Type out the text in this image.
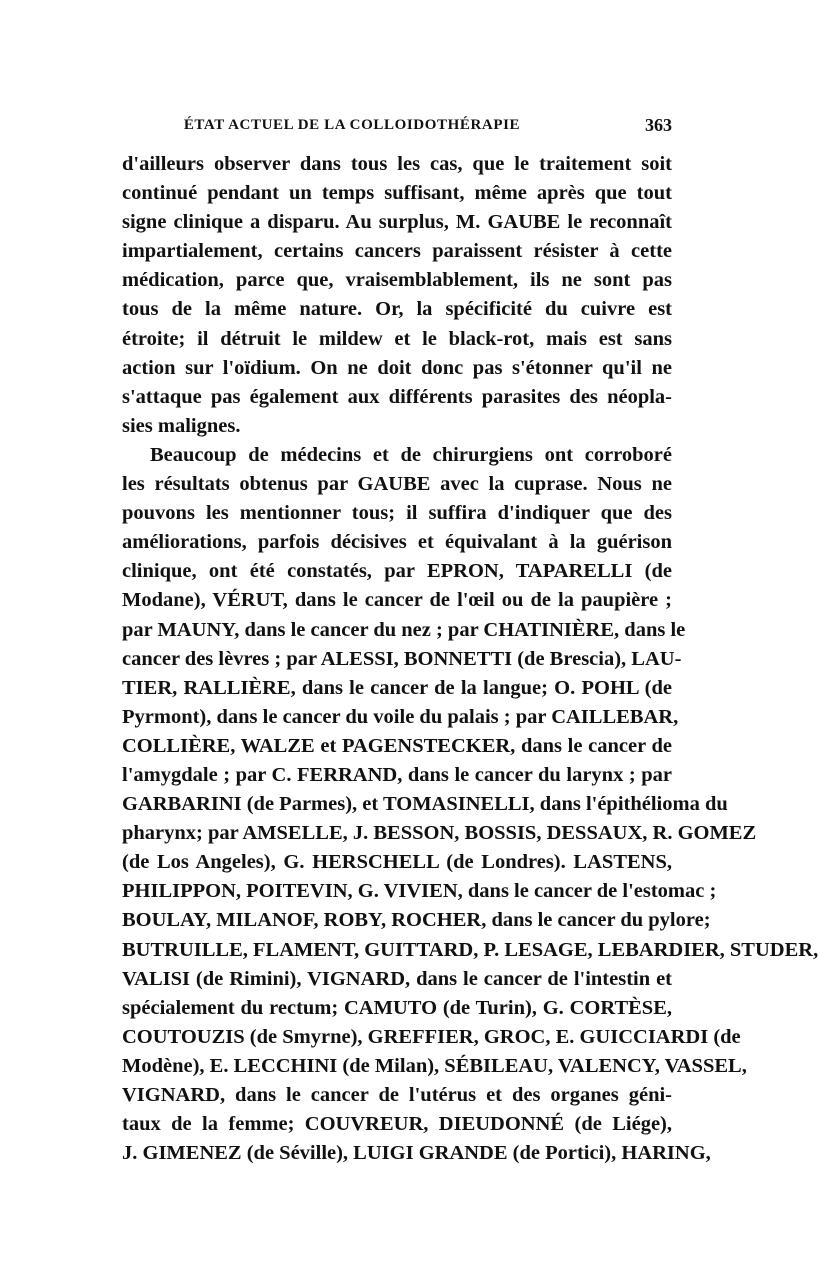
ÉTAT ACTUEL DE LA COLLOIDOTHÉRAPIE	363
d'ailleurs observer dans tous les cas, que le traitement soit
continué pendant un temps suffisant, même après que tout
signe clinique a disparu. Au surplus, M. GAUBE le reconnaît
impartialement, certains cancers paraissent résister à cette
médication, parce que, vraisemblablement, ils ne sont pas
tous de la même nature. Or, la spécificité du cuivre est
étroite; il détruit le mildew et le black-rot, mais est sans
action sur l'oïdium. On ne doit donc pas s'étonner qu'il ne
s'attaque pas également aux différents parasites des néopla-
sies malignes.
Beaucoup de médecins et de chirurgiens ont corroboré
les résultats obtenus par GAUBE avec la cuprase. Nous ne
pouvons les mentionner tous; il suffira d'indiquer que des
améliorations, parfois décisives et équivalant à la guérison
clinique, ont été constatés, par EPRON, TAPARELLI (de
Modane), VÉRUT, dans le cancer de l'œil ou de la paupière ;
par MAUNY, dans le cancer du nez ; par CHATINIÈRE, dans le
cancer des lèvres ; par ALESSI, BONNETTI (de Brescia), LAU-
TIER, RALLIÈRE, dans le cancer de la langue; O. POHL (de
Pyrmont), dans le cancer du voile du palais ; par CAILLEBAR,
COLLIÈRE, WALZE et PAGENSTECKER, dans le cancer de
l'amygdale ; par C. FERRAND, dans le cancer du larynx ; par
GARBARINI (de Parmes), et TOMASINELLI, dans l'épithélioma du
pharynx; par AMSELLE, J. BESSON, BOSSIS, DESSAUX, R. GOMEZ
(de Los Angeles), G. HERSCHELL (de Londres). LASTENS,
PHILIPPON, POITEVIN, G. VIVIEN, dans le cancer de l'estomac ;
BOULAY, MILANOF, ROBY, ROCHER, dans le cancer du pylore;
BUTRUILLE, FLAMENT, GUITTARD, P. LESAGE, LEBARDIER, STUDER,
VALISI (de Rimini), VIGNARD, dans le cancer de l'intestin et
spécialement du rectum; CAMUTO (de Turin), G. CORTÈSE,
COUTOUZIS (de Smyrne), GREFFIER, GROC, E. GUICCIARDI (de
Modène), E. LECCHINI (de Milan), SÉBILEAU, VALENCY, VASSEL,
VIGNARD, dans le cancer de l'utérus et des organes géni-
taux de la femme; COUVREUR, DIEUDONNÉ (de Liége),
J. GIMENEZ (de Séville), LUIGI GRANDE (de Portici), HARING,
